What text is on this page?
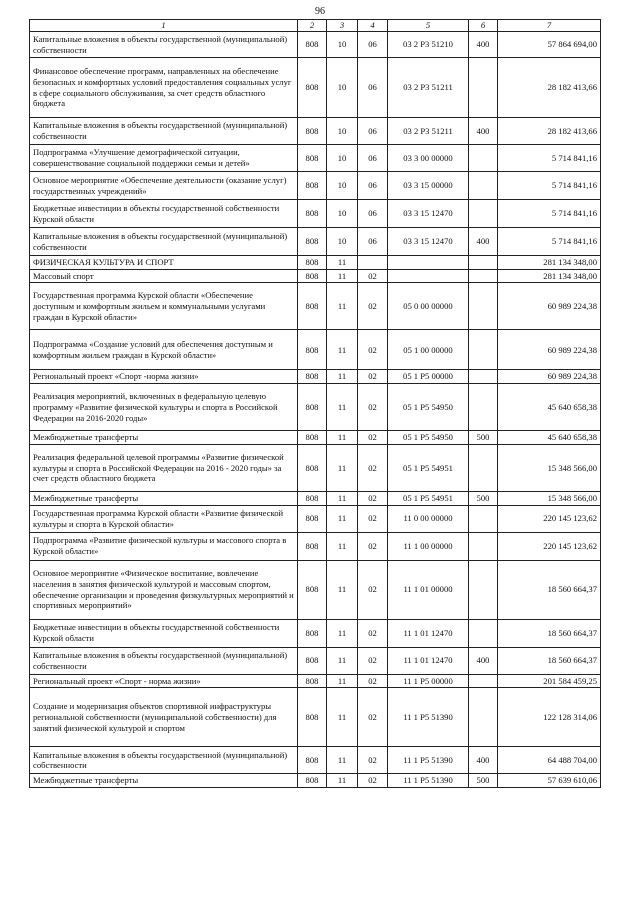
96
1	2	3	4	5	6	7
Капитальные вложения в объекты государственной (муниципальной) собственности	808	10	06	03 2 Р3 51210	400	57 864 694,00
Финансовое обеспечение программ, направленных на обеспечение безопасных и комфортных условий предоставления социальных услуг в сфере социального обслуживания, за счет средств областного бюджета	808	10	06	03 2 Р3 51211		28 182 413,66
Капитальные вложения в объекты государственной (муниципальной) собственности	808	10	06	03 2 Р3 51211	400	28 182 413,66
Подпрограмма «Улучшение демографической ситуации, совершенствование социальной поддержки семьи и детей»	808	10	06	03 3 00 00000		5 714 841,16
Основное мероприятие «Обеспечение деятельности (оказание услуг) государственных учреждений»	808	10	06	03 3 15 00000		5 714 841,16
Бюджетные инвестиции в объекты государственной собственности Курской области	808	10	06	03 3 15 12470		5 714 841,16
Капитальные вложения в объекты государственной (муниципальной) собственности	808	10	06	03 3 15 12470	400	5 714 841,16
ФИЗИЧЕСКАЯ КУЛЬТУРА И СПОРТ	808	11				281 134 348,00
Массовый спорт	808	11	02			281 134 348,00
Государственная программа Курской области «Обеспечение доступным и комфортным жильем и коммунальными услугами граждан в Курской области»	808	11	02	05 0 00 00000		60 989 224,38
Подпрограмма «Создание условий для обеспечения доступным и комфортным жильем граждан в Курской области»	808	11	02	05 1 00 00000		60 989 224,38
Региональный проект «Спорт -норма жизни»	808	11	02	05 1 Р5 00000		60 989 224,38
Реализация мероприятий, включенных в федеральную целевую программу «Развитие физической культуры и спорта в Российской Федерации на 2016-2020 годы»	808	11	02	05 1 Р5 54950		45 640 658,38
Межбюджетные трансферты	808	11	02	05 1 Р5 54950	500	45 640 658,38
Реализация федеральной целевой программы «Развитие физической культуры и спорта в Российской Федерации на 2016 - 2020 годы» за счет средств областного бюджета	808	11	02	05 1 Р5 54951		15 348 566,00
Межбюджетные трансферты	808	11	02	05 1 Р5 54951	500	15 348 566,00
Государственная программа Курской области «Развитие физической культуры и спорта в Курской области»	808	11	02	11 0 00 00000		220 145 123,62
Подпрограмма «Развитие физической культуры и массового спорта в Курской области»	808	11	02	11 1 00 00000		220 145 123,62
Основное мероприятие «Физическое воспитание, вовлечение населения в занятия физической культурой и массовым спортом, обеспечение организации и проведения физкультурных мероприятий и спортивных мероприятий»	808	11	02	11 1 01 00000		18 560 664,37
Бюджетные инвестиции в объекты государственной собственности Курской области	808	11	02	11 1 01 12470		18 560 664,37
Капитальные вложения в объекты государственной (муниципальной) собственности	808	11	02	11 1 01 12470	400	18 560 664,37
Региональный проект «Спорт - норма жизни»	808	11	02	11 1 Р5 00000		201 584 459,25
Создание и модернизация объектов спортивной инфраструктуры региональной собственности (муниципальной собственности) для занятий физической культурой и спортом	808	11	02	11 1 Р5 51390		122 128 314,06
Капитальные вложения в объекты государственной (муниципальной) собственности	808	11	02	11 1 Р5 51390	400	64 488 704,00
Межбюджетные трансферты	808	11	02	11 1 Р5 51390	500	57 639 610,06
